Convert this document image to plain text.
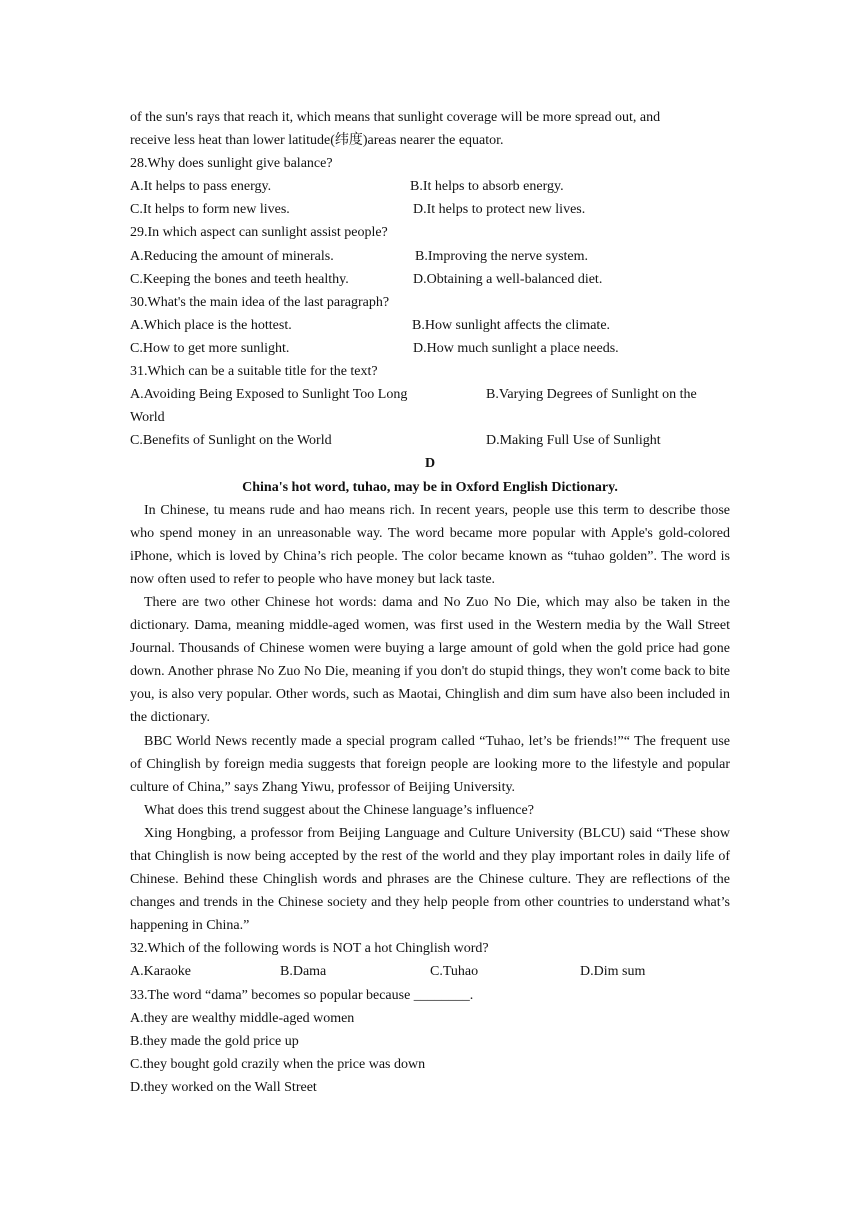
of the sun's rays that reach it, which means that sunlight coverage will be more spread out, and
receive less heat than lower latitude(纬度)areas nearer the equator.
28.Why does sunlight give balance?
A.It helps to pass energy.	B.It helps to absorb energy.
C.It helps to form new lives.	D.It helps to protect new lives.
29.In which aspect can sunlight assist people?
A.Reducing the amount of minerals.	B.Improving the nerve system.
C.Keeping the bones and teeth healthy.	D.Obtaining a well-balanced diet.
30.What's the main idea of the last paragraph?
A.Which place is the hottest.	B.How sunlight affects the climate.
C.How to get more sunlight.	D.How much sunlight a place needs.
31.Which can be a suitable title for the text?
A.Avoiding Being Exposed to Sunlight Too Long	B.Varying Degrees of Sunlight on the
World
C.Benefits of Sunlight on the World	D.Making Full Use of Sunlight
D
China's hot word, tuhao, may be in Oxford English Dictionary.
In Chinese, tu means rude and hao means rich. In recent years, people use this term to describe those who spend money in an unreasonable way. The word became more popular with Apple's gold-colored iPhone, which is loved by China’s rich people. The color became known as “tuhao golden”. The word is now often used to refer to people who have money but lack taste.
There are two other Chinese hot words: dama and No Zuo No Die, which may also be taken in the dictionary. Dama, meaning middle-aged women, was first used in the Western media by the Wall Street Journal. Thousands of Chinese women were buying a large amount of gold when the gold price had gone down. Another phrase No Zuo No Die, meaning if you don't do stupid things, they won't come back to bite you, is also very popular. Other words, such as Maotai, Chinglish and dim sum have also been included in the dictionary.
BBC World News recently made a special program called “Tuhao, let’s be friends!”“ The frequent use of Chinglish by foreign media suggests that foreign people are looking more to the lifestyle and popular culture of China,” says Zhang Yiwu, professor of Beijing University.
What does this trend suggest about the Chinese language’s influence?
Xing Hongbing, a professor from Beijing Language and Culture University (BLCU) said “These show that Chinglish is now being accepted by the rest of the world and they play important roles in daily life of Chinese. Behind these Chinglish words and phrases are the Chinese culture. They are reflections of the changes and trends in the Chinese society and they help people from other countries to understand what’s happening in China.”
32.Which of the following words is NOT a hot Chinglish word?
A.Karaoke	B.Dama	C.Tuhao	D.Dim sum
33.The word “dama” becomes so popular because ________.
A.they are wealthy middle-aged women
B.they made the gold price up
C.they bought gold crazily when the price was down
D.they worked on the Wall Street
